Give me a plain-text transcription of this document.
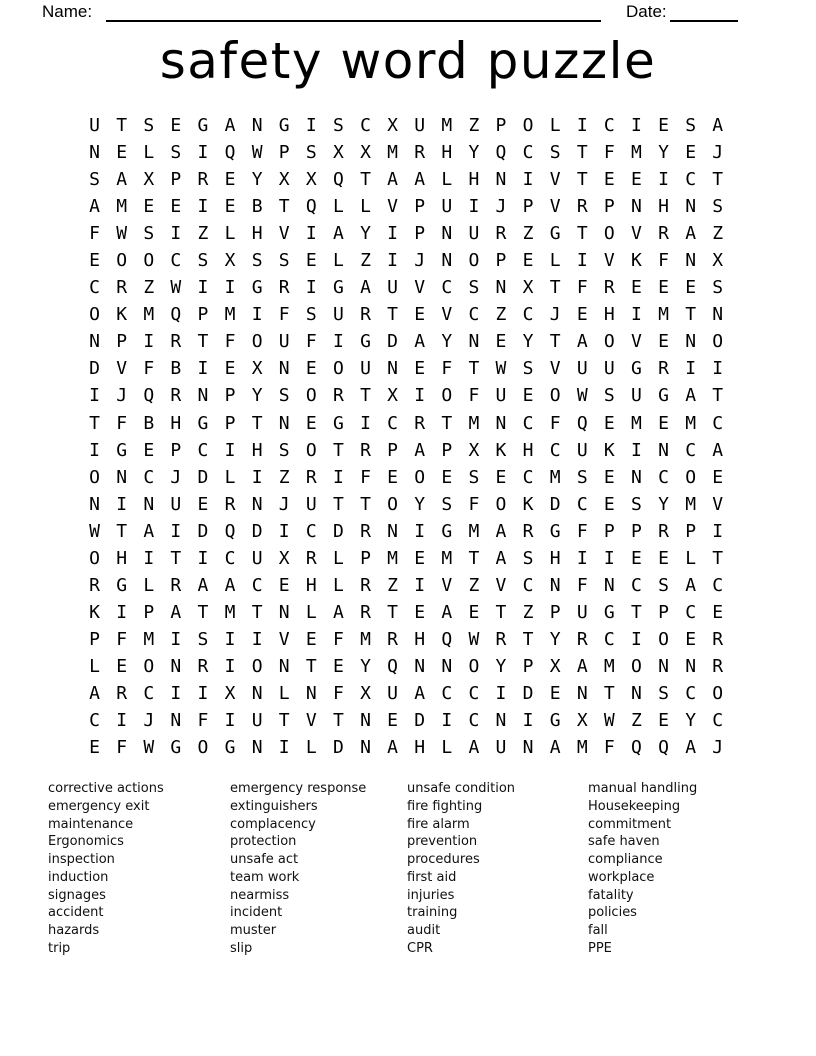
Name:	Date:
safety word puzzle
U T S E G A N G I S C X U M Z P O L I C I E S A
N E L S I Q W P S X X M R H Y Q C S T F M Y E J
S A X P R E Y X X Q T A A L H N I V T E E I C T
A M E E I E B T Q L L V P U I J P V R P N H N S
F W S I Z L H V I A Y I P N U R Z G T O V R A Z
E O O C S X S S E L Z I J N O P E L I V K F N X
C R Z W I I G R I G A U V C S N X T F R E E E S
O K M Q P M I F S U R T E V C Z C J E H I M T N
N P I R T F O U F I G D A Y N E Y T A O V E N O
D V F B I E X N E O U N E F T W S V U U G R I I
I J Q R N P Y S O R T X I O F U E O W S U G A T
T F B H G P T N E G I C R T M N C F Q E M E M C
I G E P C I H S O T R P A P X K H C U K I N C A
O N C J D L I Z R I F E O E S E C M S E N C O E
N I N U E R N J U T T O Y S F O K D C E S Y M V
W T A I D Q D I C D R N I G M A R G F P P R P I
O H I T I C U X R L P M E M T A S H I I E E L T
R G L R A A C E H L R Z I V Z V C N F N C S A C
K I P A T M T N L A R T E A E T Z P U G T P C E
P F M I S I I V E F M R H Q W R T Y R C I O E R
L E O N R I O N T E Y Q N N O Y P X A M O N N R
A R C I I X N L N F X U A C C I D E N T N S C O
C I J N F I U T V T N E D I C N I G X W Z E Y C
E F W G O G N I L D N A H L A U N A M F Q Q A J
corrective actions
emergency exit
maintenance
Ergonomics
inspection
induction
signages
accident
hazards
trip
emergency response
extinguishers
complacency
protection
unsafe act
team work
nearmiss
incident
muster
slip
unsafe condition
fire fighting
fire alarm
prevention
procedures
first aid
injuries
training
audit
CPR
manual handling
Housekeeping
commitment
safe haven
compliance
workplace
fatality
policies
fall
PPE
